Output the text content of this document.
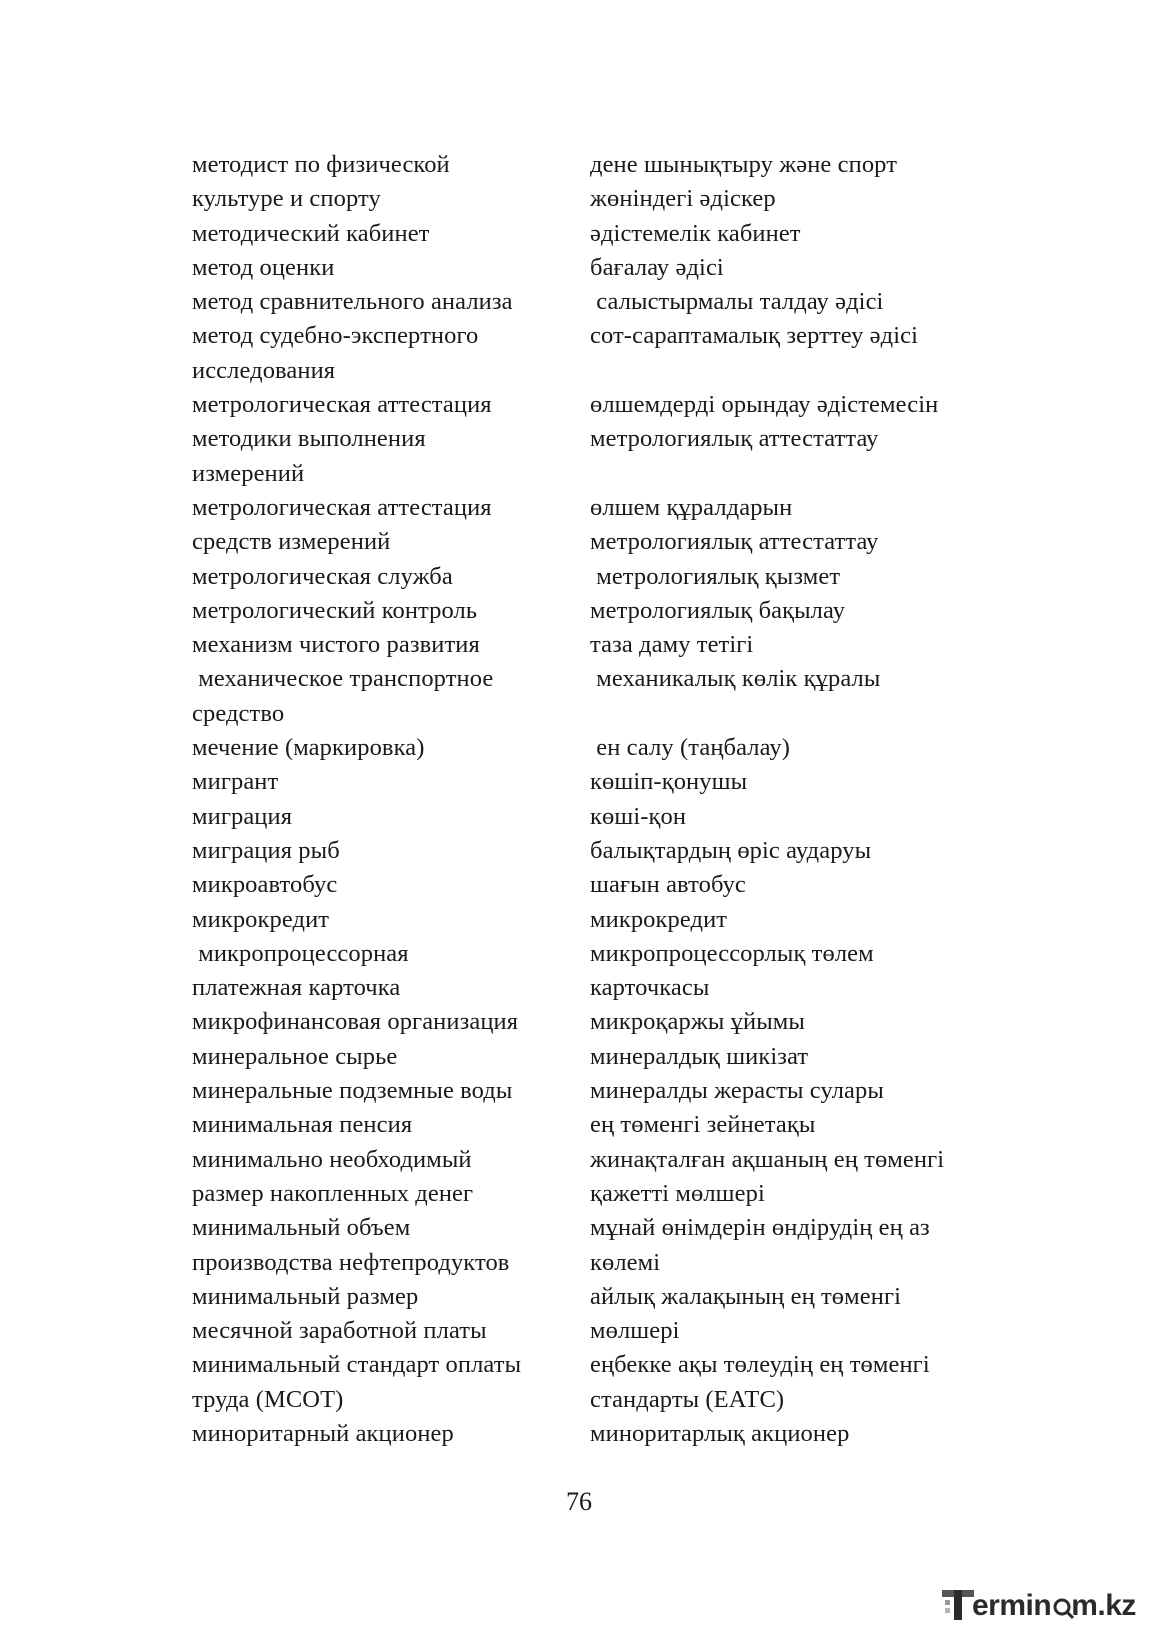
методист по физической	дене шынықтыру және спорт
культуре и спорту	жөніндегі әдіскер
методический кабинет	әдістемелік кабинет
метод оценки	бағалау әдісі
метод сравнительного анализа	салыстырмалы талдау әдісі
метод судебно-экспертного	сот-сараптамалық зерттеу әдісі
исследования
метрологическая аттестация	өлшемдерді орындау әдістемесін
методики выполнения	метрологиялық аттестаттау
измерений
метрологическая аттестация	өлшем құралдарын
средств измерений	метрологиялық аттестаттау
метрологическая служба	метрологиялық қызмет
метрологический контроль	метрологиялық бақылау
механизм чистого развития	таза даму тетігі
механическое транспортное	механикалық көлік құралы
средство
мечение (маркировка)	ен салу (таңбалау)
мигрант	көшіп-қонушы
миграция	көші-қон
миграция рыб	балықтардың өріс аударуы
микроавтобус	шағын автобус
микрокредит	микрокредит
микропроцессорная	микропроцессорлық төлем
платежная карточка	карточкасы
микрофинансовая организация	микроқаржы ұйымы
минеральное сырье	минералдық шикізат
минеральные подземные воды	минералды жерасты сулары
минимальная пенсия	ең төменгі зейнетақы
минимально необходимый	жинақталған ақшаның ең төменгі
размер накопленных денег	қажетті мөлшері
минимальный объем	мұнай өнімдерін өндірудің ең аз
производства нефтепродуктов	көлемі
минимальный размер	айлық жалақының ең төменгі
месячной заработной платы	мөлшері
минимальный стандарт оплаты	еңбекке ақы төлеудің ең төменгі
труда (МСОТ)	стандарты (ЕАТС)
миноритарный акционер	миноритарлық акционер
76
ermin m.kz
